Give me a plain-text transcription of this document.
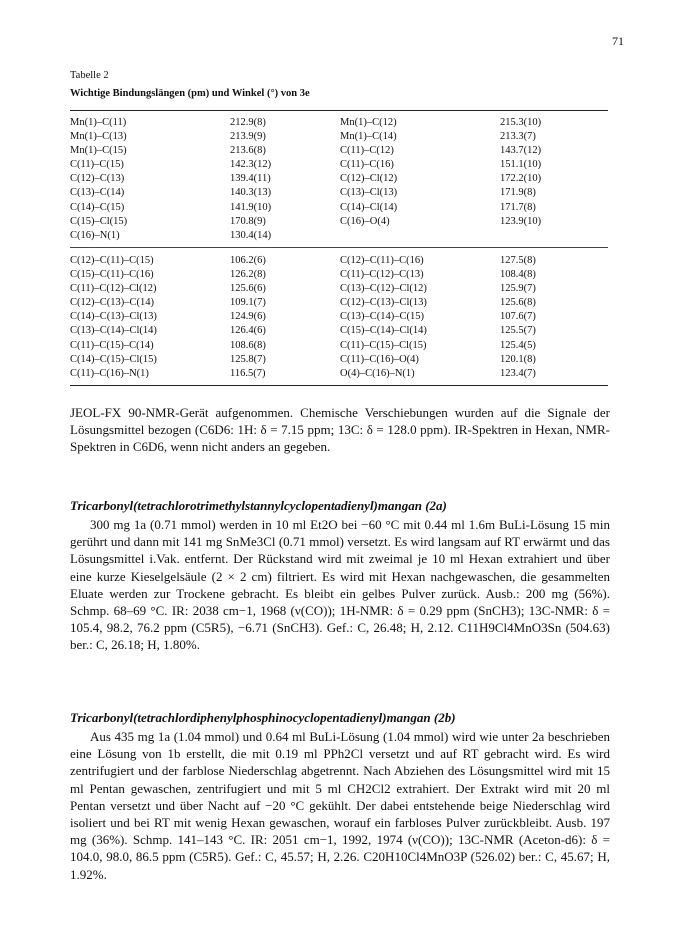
71
Tabelle 2
Wichtige Bindungslängen (pm) und Winkel (°) von 3e
Mn(1)–C(11)	212.9(8)	Mn(1)–C(12)	215.3(10)
Mn(1)–C(13)	213.9(9)	Mn(1)–C(14)	213.3(7)
Mn(1)–C(15)	213.6(8)	C(11)–C(12)	143.7(12)
C(11)–C(15)	142.3(12)	C(11)–C(16)	151.1(10)
C(12)–C(13)	139.4(11)	C(12)–Cl(12)	172.2(10)
C(13)–C(14)	140.3(13)	C(13)–Cl(13)	171.9(8)
C(14)–C(15)	141.9(10)	C(14)–Cl(14)	171.7(8)
C(15)–Cl(15)	170.8(9)	C(16)–O(4)	123.9(10)
C(16)–N(1)	130.4(14)		
C(12)–C(11)–C(15)	106.2(6)	C(12)–C(11)–C(16)	127.5(8)
C(15)–C(11)–C(16)	126.2(8)	C(11)–C(12)–C(13)	108.4(8)
C(11)–C(12)–Cl(12)	125.6(6)	C(13)–C(12)–Cl(12)	125.9(7)
C(12)–C(13)–C(14)	109.1(7)	C(12)–C(13)–Cl(13)	125.6(8)
C(14)–C(13)–Cl(13)	124.9(6)	C(13)–C(14)–C(15)	107.6(7)
C(13)–C(14)–Cl(14)	126.4(6)	C(15)–C(14)–Cl(14)	125.5(7)
C(11)–C(15)–C(14)	108.6(8)	C(11)–C(15)–Cl(15)	125.4(5)
C(14)–C(15)–Cl(15)	125.8(7)	C(11)–C(16)–O(4)	120.1(8)
C(11)–C(16)–N(1)	116.5(7)	O(4)–C(16)–N(1)	123.4(7)

JEOL-FX 90-NMR-Gerät aufgenommen. Chemische Verschiebungen wurden auf die Signale der Lösungsmittel bezogen (C6D6: 1H: δ = 7.15 ppm; 13C: δ = 128.0 ppm). IR-Spektren in Hexan, NMR-Spektren in C6D6, wenn nicht anders an gegeben.

Tricarbonyl(tetrachlorotrimethylstannylcyclopentadienyl)mangan (2a)

300 mg 1a (0.71 mmol) werden in 10 ml Et2O bei −60 °C mit 0.44 ml 1.6m BuLi-Lösung 15 min gerührt und dann mit 141 mg SnMe3Cl (0.71 mmol) versetzt. Es wird langsam auf RT erwärmt und das Lösungsmittel i.Vak. entfernt. Der Rückstand wird mit zweimal je 10 ml Hexan extrahiert und über eine kurze Kieselgelsäule (2 × 2 cm) filtriert. Es wird mit Hexan nachgewaschen, die gesammelten Eluate werden zur Trockene gebracht. Es bleibt ein gelbes Pulver zurück. Ausb.: 200 mg (56%). Schmp. 68–69 °C. IR: 2038 cm−1, 1968 (ν(CO)); 1H-NMR: δ = 0.29 ppm (SnCH3); 13C-NMR: δ = 105.4, 98.2, 76.2 ppm (C5R5), −6.71 (SnCH3). Gef.: C, 26.48; H, 2.12. C11H9Cl4MnO3Sn (504.63) ber.: C, 26.18; H, 1.80%.

Tricarbonyl(tetrachlordiphenylphosphinocyclopentadienyl)mangan (2b)

Aus 435 mg 1a (1.04 mmol) und 0.64 ml BuLi-Lösung (1.04 mmol) wird wie unter 2a beschrieben eine Lösung von 1b erstellt, die mit 0.19 ml PPh2Cl versetzt und auf RT gebracht wird. Es wird zentrifugiert und der farblose Niederschlag abgetrennt. Nach Abziehen des Lösungsmittel wird mit 15 ml Pentan gewaschen, zentrifugiert und mit 5 ml CH2Cl2 extrahiert. Der Extrakt wird mit 20 ml Pentan versetzt und über Nacht auf −20 °C gekühlt. Der dabei entstehende beige Niederschlag wird isoliert und bei RT mit wenig Hexan gewaschen, worauf ein farbloses Pulver zurückbleibt. Ausb. 197 mg (36%). Schmp. 141–143 °C. IR: 2051 cm−1, 1992, 1974 (ν(CO)); 13C-NMR (Aceton-d6): δ = 104.0, 98.0, 86.5 ppm (C5R5). Gef.: C, 45.57; H, 2.26. C20H10Cl4MnO3P (526.02) ber.: C, 45.67; H, 1.92%.
